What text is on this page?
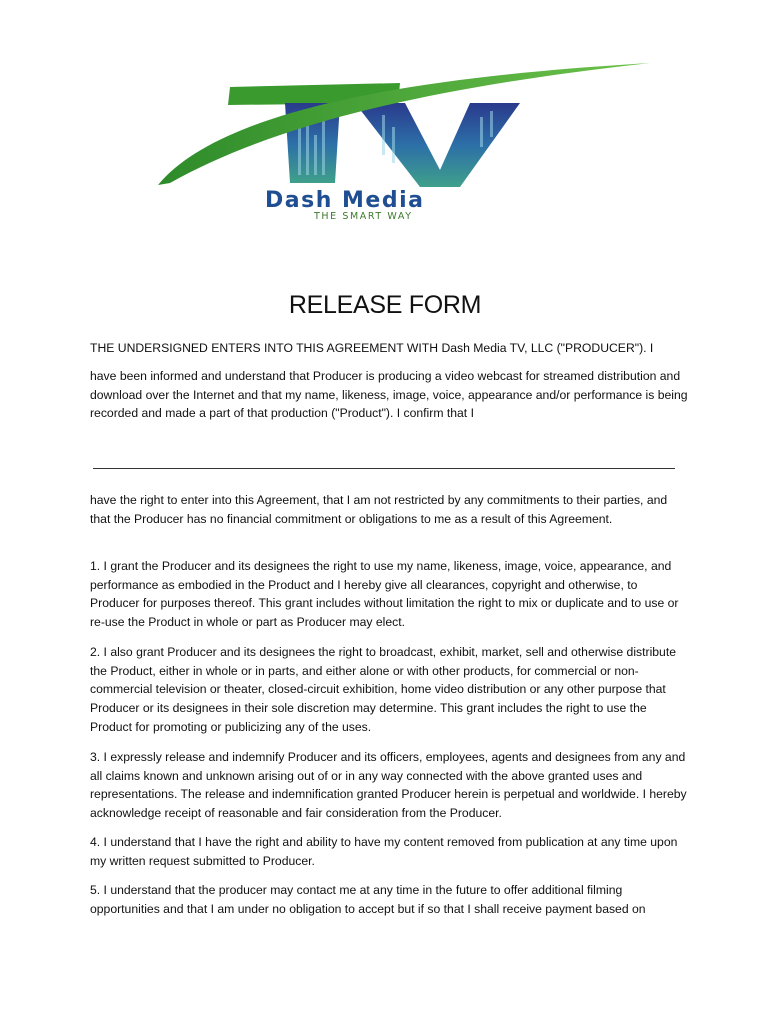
Dash Media
THE SMART WAY
RELEASE FORM

THE UNDERSIGNED ENTERS INTO THIS AGREEMENT WITH Dash Media TV, LLC ("PRODUCER"). I

have been informed and understand that Producer is producing a video webcast for streamed distribution and download over the Internet and that my name, likeness, image, voice, appearance and/or performance is being recorded and made a part of that production ("Product"). I confirm that I

have the right to enter into this Agreement, that I am not restricted by any commitments to their parties, and that the Producer has no financial commitment or obligations to me as a result of this Agreement.

1. I grant the Producer and its designees the right to use my name, likeness, image, voice, appearance, and performance as embodied in the Product and I hereby give all clearances, copyright and otherwise, to Producer for purposes thereof. This grant includes without limitation the right to mix or duplicate and to use or re-use the Product in whole or part as Producer may elect.

2. I also grant Producer and its designees the right to broadcast, exhibit, market, sell and otherwise distribute the Product, either in whole or in parts, and either alone or with other products, for commercial or non-commercial television or theater, closed-circuit exhibition, home video distribution or any other purpose that Producer or its designees in their sole discretion may determine. This grant includes the right to use the Product for promoting or publicizing any of the uses.

3. I expressly release and indemnify Producer and its officers, employees, agents and designees from any and all claims known and unknown arising out of or in any way connected with the above granted uses and representations. The release and indemnification granted Producer herein is perpetual and worldwide. I hereby acknowledge receipt of reasonable and fair consideration from the Producer.

4. I understand that I have the right and ability to have my content removed from publication at any time upon my written request submitted to Producer.

5. I understand that the producer may contact me at any time in the future to offer additional filming opportunities and that I am under no obligation to accept but if so that I shall receive payment based on
